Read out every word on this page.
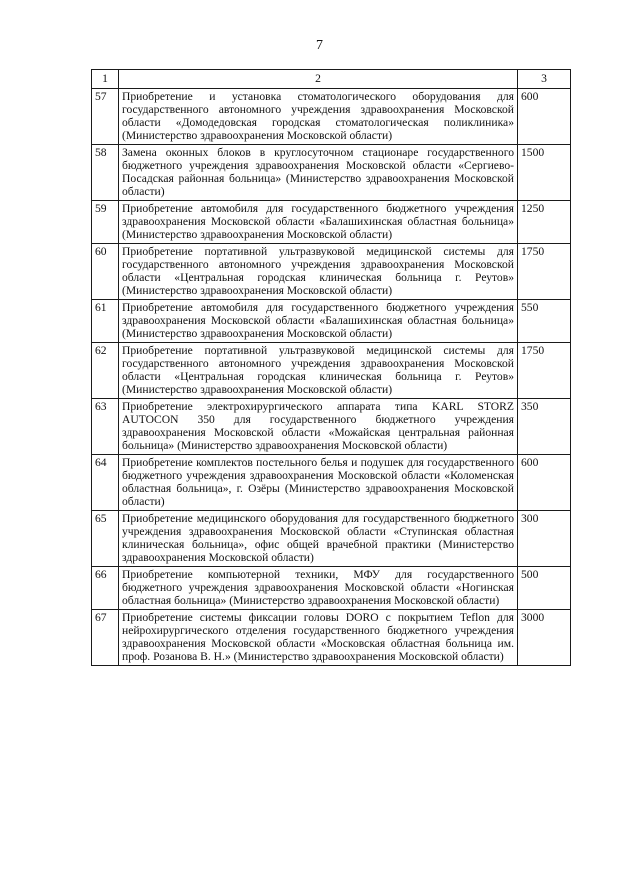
7
1	2	3
57	Приобретение и установка стоматологического оборудования для государственного автономного учреждения здравоохранения Московской области «Домодедовская городская стоматологическая поликлиника» (Министерство здравоохранения Московской области)	600
58	Замена оконных блоков в круглосуточном стационаре государственного бюджетного учреждения здравоохранения Московской области «Сергиево-Посадская районная больница» (Министерство здравоохранения Московской области)	1500
59	Приобретение автомобиля для государственного бюджетного учреждения здравоохранения Московской области «Балашихинская областная больница» (Министерство здравоохранения Московской области)	1250
60	Приобретение портативной ультразвуковой медицинской системы для государственного автономного учреждения здравоохранения Московской области «Центральная городская клиническая больница г. Реутов» (Министерство здравоохранения Московской области)	1750
61	Приобретение автомобиля для государственного бюджетного учреждения здравоохранения Московской области «Балашихинская областная больница» (Министерство здравоохранения Московской области)	550
62	Приобретение портативной ультразвуковой медицинской системы для государственного автономного учреждения здравоохранения Московской области «Центральная городская клиническая больница г. Реутов» (Министерство здравоохранения Московской области)	1750
63	Приобретение электрохирургического аппарата типа KARL STORZ AUTOCON 350 для государственного бюджетного учреждения здравоохранения Московской области «Можайская центральная районная больница» (Министерство здравоохранения Московской области)	350
64	Приобретение комплектов постельного белья и подушек для государственного бюджетного учреждения здравоохранения Московской области «Коломенская областная больница», г. Озёры (Министерство здравоохранения Московской области)	600
65	Приобретение медицинского оборудования для государственного бюджетного учреждения здравоохранения Московской области «Ступинская областная клиническая больница», офис общей врачебной практики (Министерство здравоохранения Московской области)	300
66	Приобретение компьютерной техники, МФУ для государственного бюджетного учреждения здравоохранения Московской области «Ногинская областная больница» (Министерство здравоохранения Московской области)	500
67	Приобретение системы фиксации головы DORO с покрытием Teflon для нейрохирургического отделения государственного бюджетного учреждения здравоохранения Московской области «Московская областная больница им. проф. Розанова В. Н.» (Министерство здравоохранения Московской области)	3000
